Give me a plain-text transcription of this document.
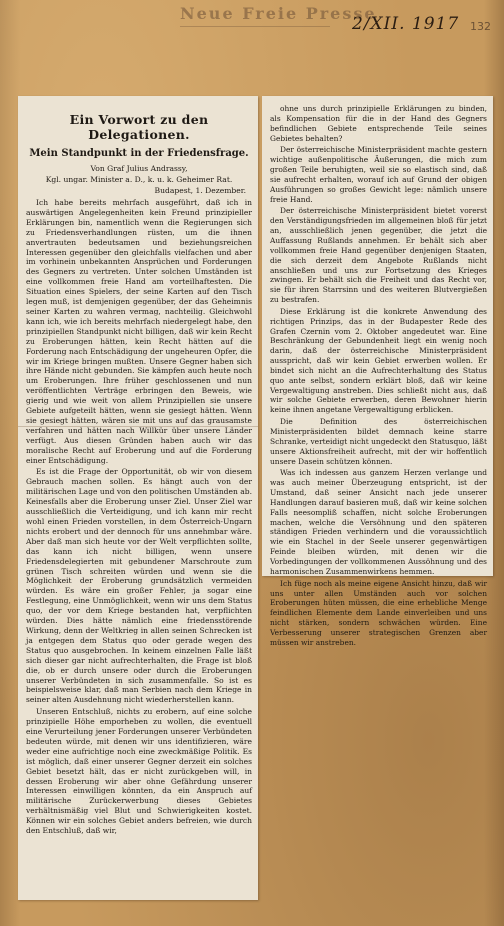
Neue Freie Presse
2/XII. 1917 132
Ein Vorwort zu den Delegationen.
Mein Standpunkt in der Friedensfrage.
Von Graf Julius Andrassy,
Kgl. ungar. Minister a. D., k. u. k. Geheimer Rat.
Budapest, 1. Dezember.

Ich habe bereits mehrfach ausgeführt, daß ich in auswärtigen Angelegenheiten kein Freund prinzipieller Erklärungen bin, namentlich wenn die Regierungen sich zu Friedensverhandlungen rüsten, um die ihnen anvertrauten bedeutsamen und beziehungsreichen Interessen gegenüber den gleichfalls vielfachen und aber im vorhinein unbekannten Ansprüchen und Forderungen des Gegners zu vertreten. Unter solchen Umständen ist eine vollkommen freie Hand am vorteilhaftesten. Die Situation eines Spielers, der seine Karten auf den Tisch legen muß, ist demjenigen gegenüber, der das Geheimnis seiner Karten zu wahren vermag, nachteilig. Gleichwohl kann ich, wie ich bereits mehrfach niedergelegt habe, den prinzipiellen Standpunkt nicht billigen, daß wir kein Recht zu Eroberungen hätten, kein Recht hätten auf die Forderung nach Entschädigung der ungeheuren Opfer, die wir im Kriege bringen mußten. Unsere Gegner haben sich ihre Hände nicht gebunden. Sie kämpfen auch heute noch um Eroberungen. Ihre früher geschlossenen und nun veröffentlichten Verträge erbringen den Beweis, wie gierig und wie weit von allem Prinzipiellen sie unsere Gebiete aufgeteilt hätten, wenn sie gesiegt hätten. Wenn sie gesiegt hätten, wären sie mit uns auf das grausamste verfahren und hätten nach Willkür über unsere Länder verfügt. Aus diesen Gründen haben auch wir das moralische Recht auf Eroberung und auf die Forderung einer Entschädigung.

Es ist die Frage der Opportunität, ob wir von diesem Gebrauch machen sollen. Es hängt auch von der militärischen Lage und von den politischen Umständen ab. Keinesfalls aber die Eroberung unser Ziel. Unser Ziel war ausschließlich die Verteidigung, und ich kann mir recht wohl einen Frieden vorstellen, in dem Österreich-Ungarn nichts erobert und der dennoch für uns annehmbar wäre. Aber daß man sich heute vor der Welt verpflichten sollte, das kann ich nicht billigen, wenn unsere Friedensdelegierten mit gebundener Marschroute zum grünen Tisch schreiten würden und wenn sie die Möglichkeit der Eroberung grundsätzlich vermeiden würden. Es wäre ein großer Fehler, ja sogar eine Festlegung, eine Unmöglichkeit, wenn wir uns dem Status quo, der vor dem Kriege bestanden hat, verpflichten würden. Dies hätte nämlich eine friedensstörende Wirkung, denn der Weltkrieg in allen seinen Schrecken ist ja entgegen dem Status quo oder gerade wegen des Status quo ausgebrochen. In keinem einzelnen Falle läßt sich dieser gar nicht aufrechterhalten, die Frage ist bloß die, ob er durch unsere oder durch die Eroberungen unserer Verbündeten in sich zusammenfalle. So ist es beispielsweise klar, daß man Serbien nach dem Kriege in seiner alten Ausdehnung nicht wiederherstellen kann.

Unseren Entschluß, nichts zu erobern, auf eine solche prinzipielle Höhe emporheben zu wollen, die eventuell eine Verurteilung jener Forderungen unserer Verbündeten bedeuten würde, mit denen wir uns identifizieren, wäre weder eine aufrichtige noch eine zweckmäßige Politik. Es ist möglich, daß einer unserer Gegner derzeit ein solches Gebiet besetzt hält, das er nicht zurückgeben will, in dessen Eroberung wir aber ohne Gefährdung unserer Interessen einwilligen könnten, da ein Anspruch auf militärische Zurückerwerbung dieses Gebietes verhältnismäßig viel Blut und Schwierigkeiten kostet. Können wir ein solches Gebiet anders befreien, wie durch den Entschluß, daß wir,

ohne uns durch prinzipielle Erklärungen zu binden, als Kompensation für die in der Hand des Gegners befindlichen Gebiete entsprechende Teile seines Gebietes behalten?

Der österreichische Ministerpräsident machte gestern wichtige außenpolitische Äußerungen, die mich zum großen Teile beruhigten, weil sie so elastisch sind, daß sie aufrecht erhalten, worauf ich auf Grund der obigen Ausführungen so großes Gewicht lege: nämlich unsere freie Hand.

Der österreichische Ministerpräsident bietet vorerst den Verständigungsfrieden im allgemeinen bloß für jetzt an, ausschließlich jenen gegenüber, die jetzt die Auffassung Rußlands annehmen. Er behält sich aber vollkommen freie Hand gegenüber denjenigen Staaten, die sich derzeit dem Angebote Rußlands nicht anschließen und uns zur Fortsetzung des Krieges zwingen. Er behält sich die Freiheit und das Recht vor, sie für ihren Starrsinn und des weiteren Blutvergießen zu bestrafen.

Diese Erklärung ist die konkrete Anwendung des richtigen Prinzips, das in der Budapester Rede des Grafen Czernin vom 2. Oktober angedeutet war. Eine Beschränkung der Gebundenheit liegt ein wenig noch darin, daß der österreichische Ministerpräsident ausspricht, daß wir kein Gebiet erwerben wollen. Er bindet sich nicht an die Aufrechterhaltung des Status quo ante selbst, sondern erklärt bloß, daß wir keine Vergewaltigung anstreben. Dies schließt nicht aus, daß wir solche Gebiete erwerben, deren Bewohner hierin keine ihnen angetane Vergewaltigung erblicken.

Die Definition des österreichischen Ministerpräsidenten bildet demnach keine starre Schranke, verteidigt nicht ungedeckt den Statusquo, läßt unsere Aktionsfreiheit aufrecht, mit der wir hoffentlich unsere Dasein schützen können.

Was ich indessen aus ganzem Herzen verlange und was auch meiner Überzeugung entspricht, ist der Umstand, daß seiner Ansicht nach jede unserer Handlungen darauf basieren muß, daß wir keine solchen Falls neesompliß schaffen, nicht solche Eroberungen machen, welche die Versöhnung und den späteren ständigen Frieden verhindern und die voraussichtlich wie ein Stachel in der Seele unserer gegenwärtigen Feinde bleiben würden, mit denen wir die Vorbedingungen der vollkommenen Aussöhnung und des harmonischen Zusammenwirkens hemmen.

Ich füge noch als meine eigene Ansicht hinzu, daß wir uns unter allen Umständen auch vor solchen Eroberungen hüten müssen, die eine erhebliche Menge feindlichen Elemente dem Lande einverleiben und uns nicht stärken, sondern schwächen würden. Eine Verbesserung unserer strategischen Grenzen aber müssen wir anstreben.
